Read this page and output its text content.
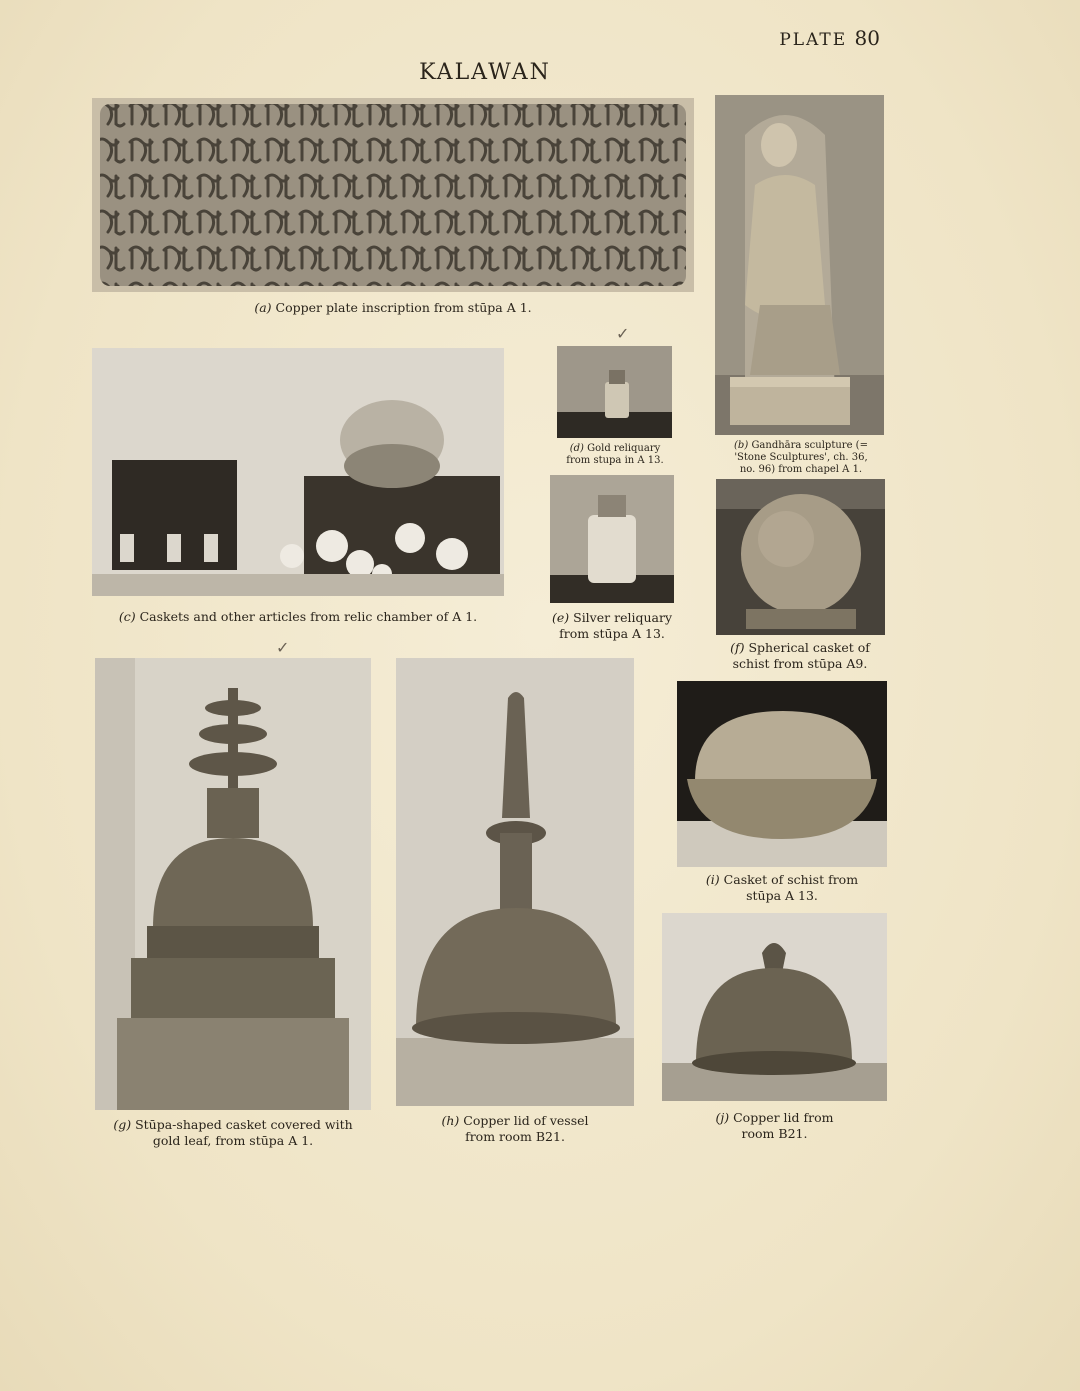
PLATE 80
KALAWAN
(a) Copper plate inscription from stūpa A 1.
(b) Gandhāra sculpture (=
'Stone Sculptures', ch. 36,
no. 96) from chapel A 1.
(c) Caskets and other articles from relic chamber of A 1.
✓
(d) Gold reliquary
from stupa in A 13.
(e) Silver reliquary
from stūpa A 13.
(f) Spherical casket of
schist from stūpa A9.
✓
(g) Stūpa-shaped casket covered with
gold leaf, from stūpa A 1.
(h) Copper lid of vessel
from room B21.
(i) Casket of schist from
stūpa A 13.
(j) Copper lid from
room B21.
